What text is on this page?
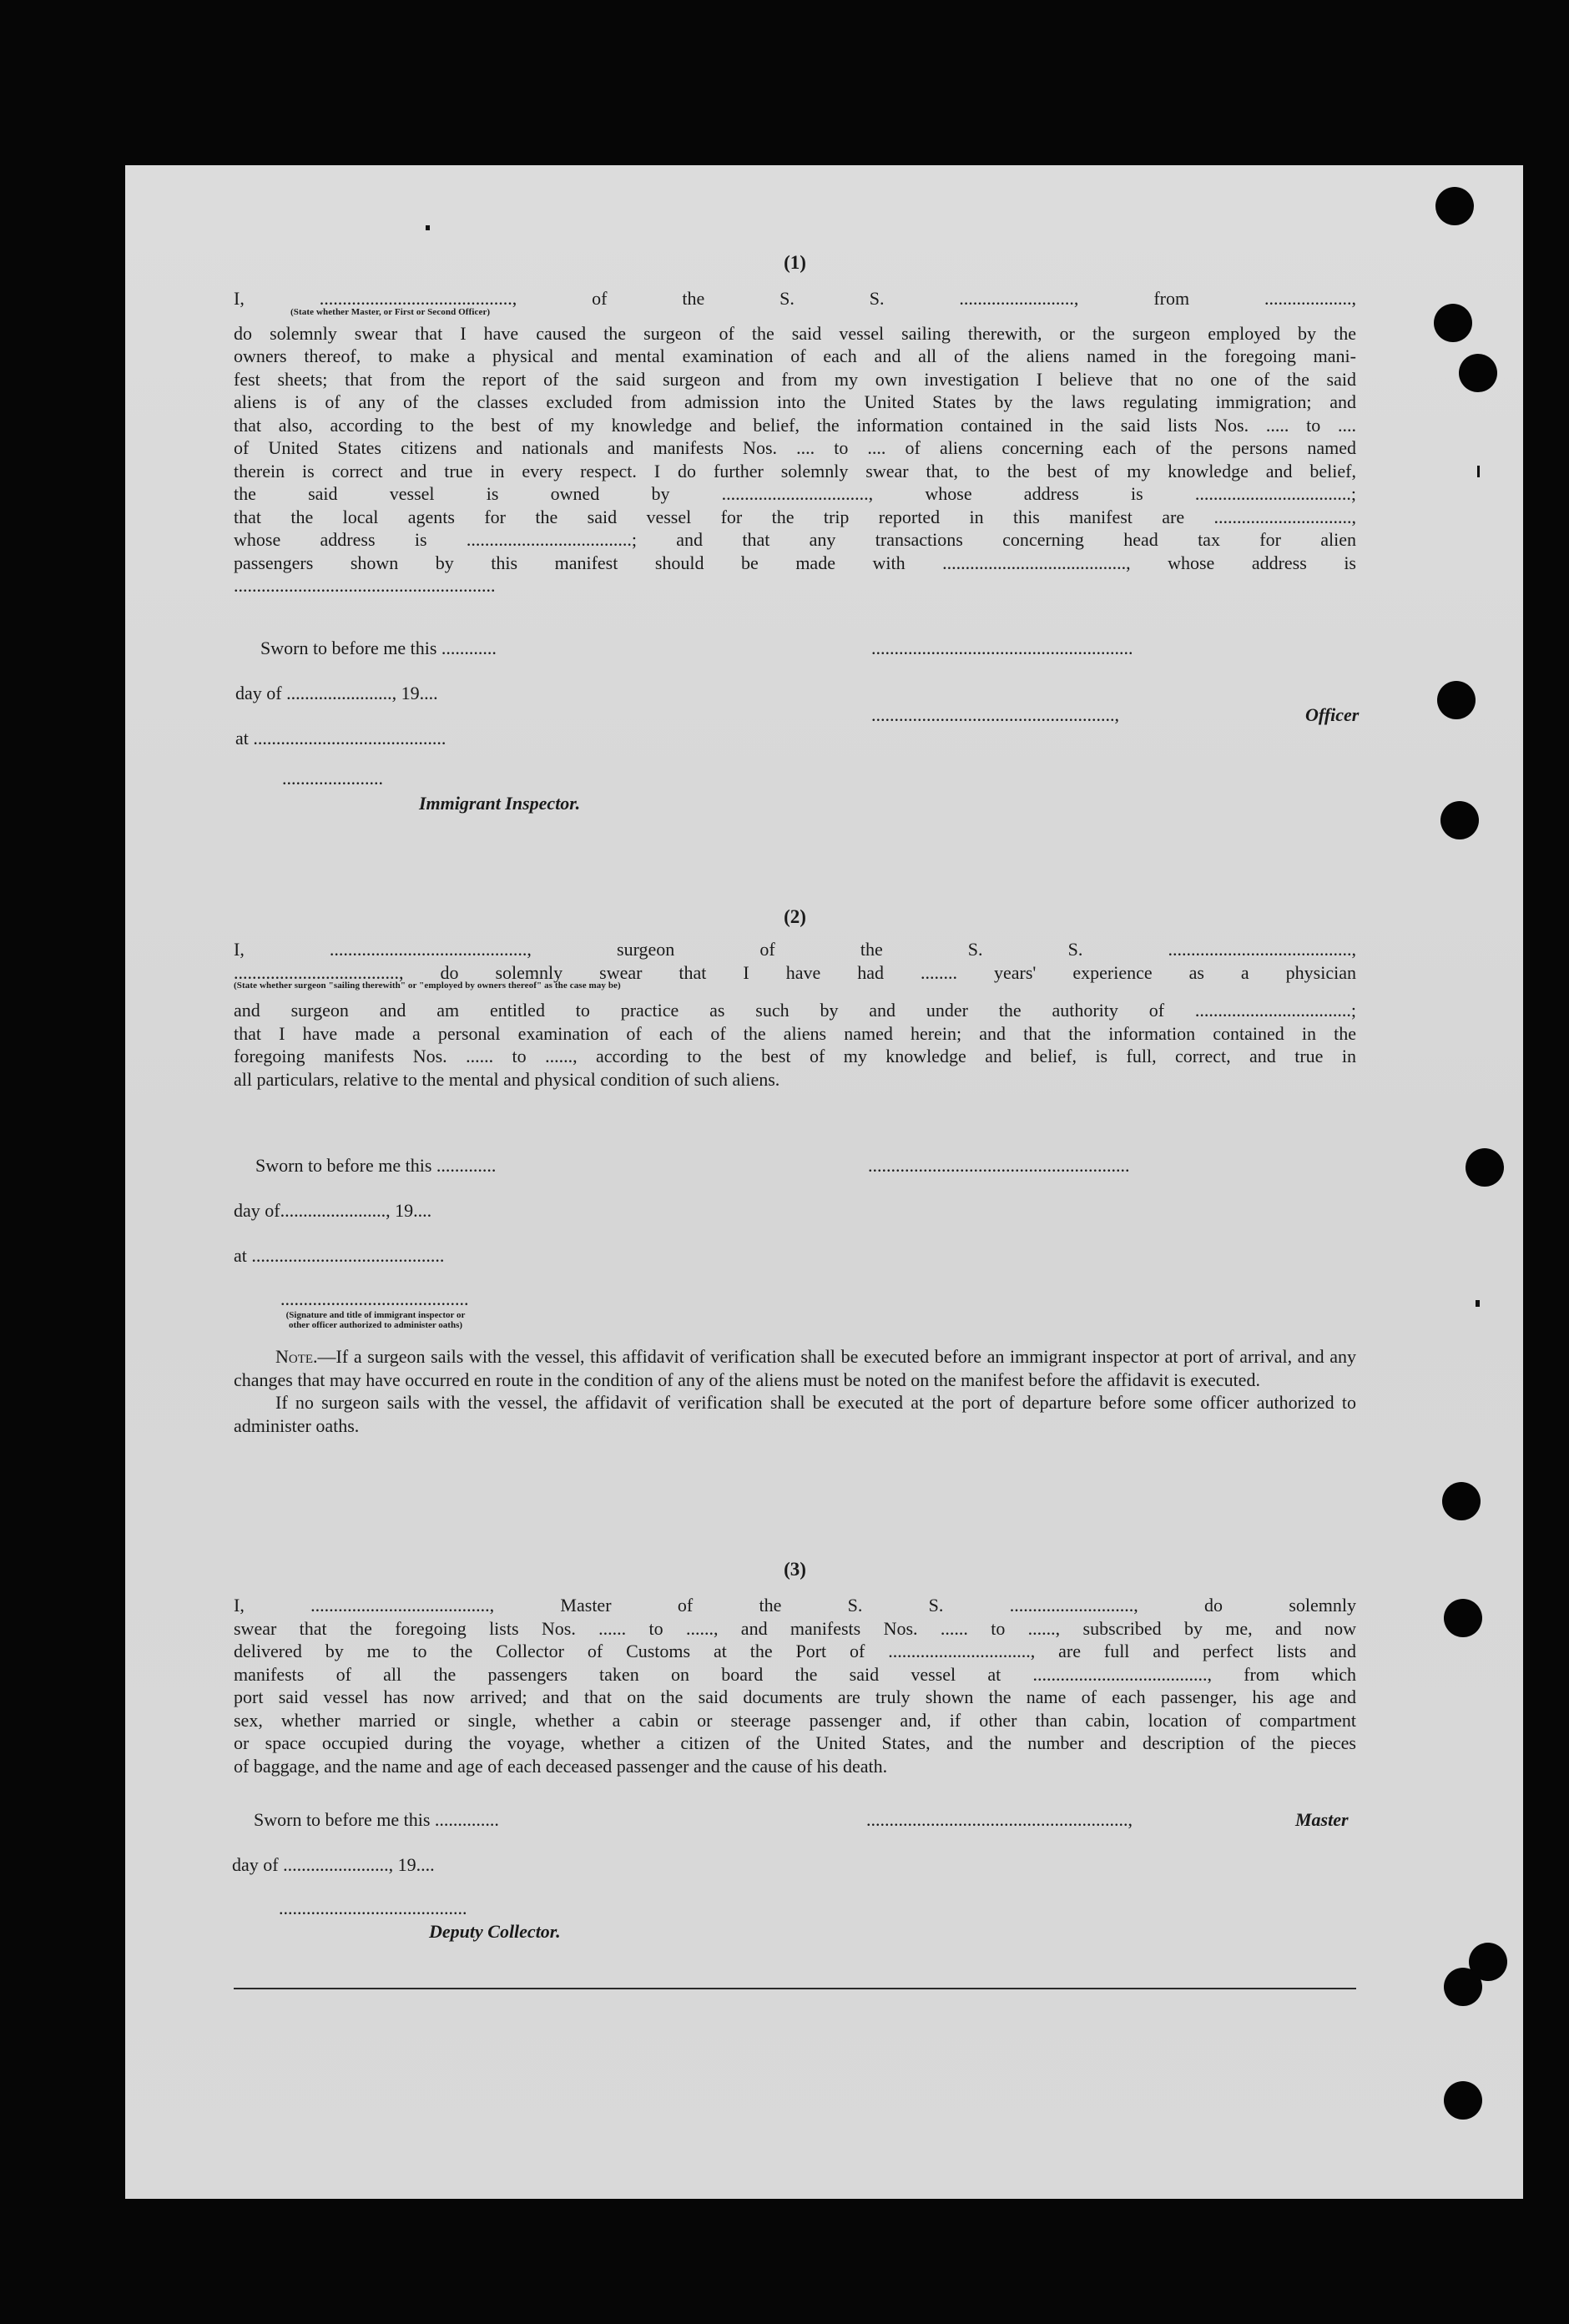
(1)
I, .........................................., of the S. S. ........................., from ...................,
(State whether Master, or First or Second Officer)
do solemnly swear that I have caused the surgeon of the said vessel sailing therewith, or the surgeon employed by the
owners thereof, to make a physical and mental examination of each and all of the aliens named in the foregoing mani-
fest sheets; that from the report of the said surgeon and from my own investigation I believe that no one of the said
aliens is of any of the classes excluded from admission into the United States by the laws regulating immigration; and
that also, according to the best of my knowledge and belief, the information contained in the said lists Nos. ..... to ....
of United States citizens and nationals and manifests Nos. .... to .... of aliens concerning each of the persons named
therein is correct and true in every respect. I do further solemnly swear that, to the best of my knowledge and belief,
the said vessel is owned by ................................, whose address is ..................................;
that the local agents for the said vessel for the trip reported in this manifest are ..............................,
whose address is ....................................; and that any transactions concerning head tax for alien
passengers shown by this manifest should be made with ........................................, whose address is
.........................................................
Sworn to before me this ............
day of ......................., 19....
at ..........................................
......................
Immigrant Inspector.
.........................................................
.....................................................,	Officer
(2)
I, ..........................................., surgeon of the S. S. ........................................,
...................................., do solemnly swear that I have had ........ years' experience as a physician
(State whether surgeon "sailing therewith" or "employed by owners thereof" as the case may be)
and surgeon and am entitled to practice as such by and under the authority of ..................................;
that I have made a personal examination of each of the aliens named herein; and that the information contained in the
foregoing manifests Nos. ...... to ......, according to the best of my knowledge and belief, is full, correct, and true in
all particulars, relative to the mental and physical condition of such aliens.
Sworn to before me this .............
day of......................., 19....
at ..........................................
.........................................
(Signature and title of immigrant inspector or
other officer authorized to administer oaths)
.........................................................
Note.—If a surgeon sails with the vessel, this affidavit of verification shall be executed before an immigrant inspector at port of arrival, and any changes that may have occurred en route in the condition of any of the aliens must be noted on the manifest before the affidavit is executed.
If no surgeon sails with the vessel, the affidavit of verification shall be executed at the port of departure before some officer authorized to administer oaths.
(3)
I, ......................................., Master of the S. S. ..........................., do solemnly
swear that the foregoing lists Nos. ...... to ......, and manifests Nos. ...... to ......, subscribed by me, and now
delivered by me to the Collector of Customs at the Port of ..............................., are full and perfect lists and
manifests of all the passengers taken on board the said vessel at ......................................, from which
port said vessel has now arrived; and that on the said documents are truly shown the name of each passenger, his age and
sex, whether married or single, whether a cabin or steerage passenger and, if other than cabin, location of compartment
or space occupied during the voyage, whether a citizen of the United States, and the number and description of the pieces
of baggage, and the name and age of each deceased passenger and the cause of his death.
Sworn to before me this ..............
day of ......................., 19....
.........................................
Deputy Collector.
.........................................................,	Master
